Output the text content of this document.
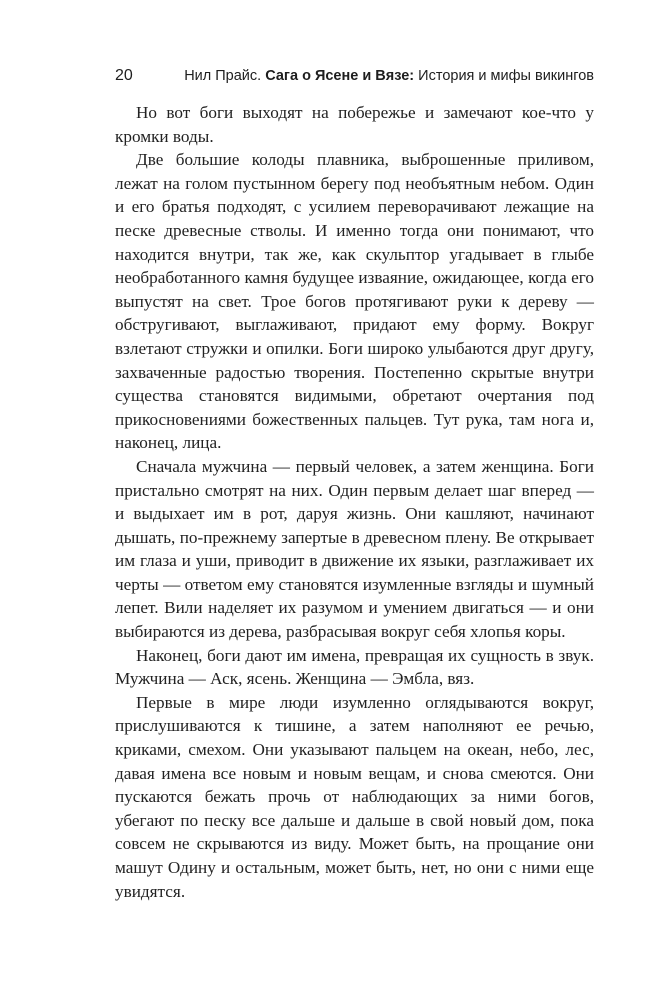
20	Нил Прайс. Сага о Ясене и Вязе: История и мифы викингов

Но вот боги выходят на побережье и замечают кое-что у кромки воды.

Две большие колоды плавника, выброшенные приливом, лежат на голом пустынном берегу под необъятным небом. Один и его братья подходят, с усилием переворачивают лежащие на песке древесные стволы. И именно тогда они понимают, что находится внутри, так же, как скульптор угадывает в глыбе необработанного камня будущее изваяние, ожидающее, когда его выпустят на свет. Трое богов протягивают руки к дереву — обстругивают, выглаживают, придают ему форму. Вокруг взлетают стружки и опилки. Боги широко улыбаются друг другу, захваченные радостью творения. Постепенно скрытые внутри существа становятся видимыми, обретают очертания под прикосновениями божественных пальцев. Тут рука, там нога и, наконец, лица.

Сначала мужчина — первый человек, а затем женщина. Боги пристально смотрят на них. Один первым делает шаг вперед — и выдыхает им в рот, даруя жизнь. Они кашляют, начинают дышать, по-прежнему запертые в древесном плену. Ве открывает им глаза и уши, приводит в движение их языки, разглаживает их черты — ответом ему становятся изумленные взгляды и шумный лепет. Вили наделяет их разумом и умением двигаться — и они выбираются из дерева, разбрасывая вокруг себя хлопья коры.

Наконец, боги дают им имена, превращая их сущность в звук. Мужчина — Аск, ясень. Женщина — Эмбла, вяз.

Первые в мире люди изумленно оглядываются вокруг, прислушиваются к тишине, а затем наполняют ее речью, криками, смехом. Они указывают пальцем на океан, небо, лес, давая имена все новым и новым вещам, и снова смеются. Они пускаются бежать прочь от наблюдающих за ними богов, убегают по песку все дальше и дальше в свой новый дом, пока совсем не скрываются из виду. Может быть, на прощание они машут Одину и остальным, может быть, нет, но они с ними еще увидятся.
